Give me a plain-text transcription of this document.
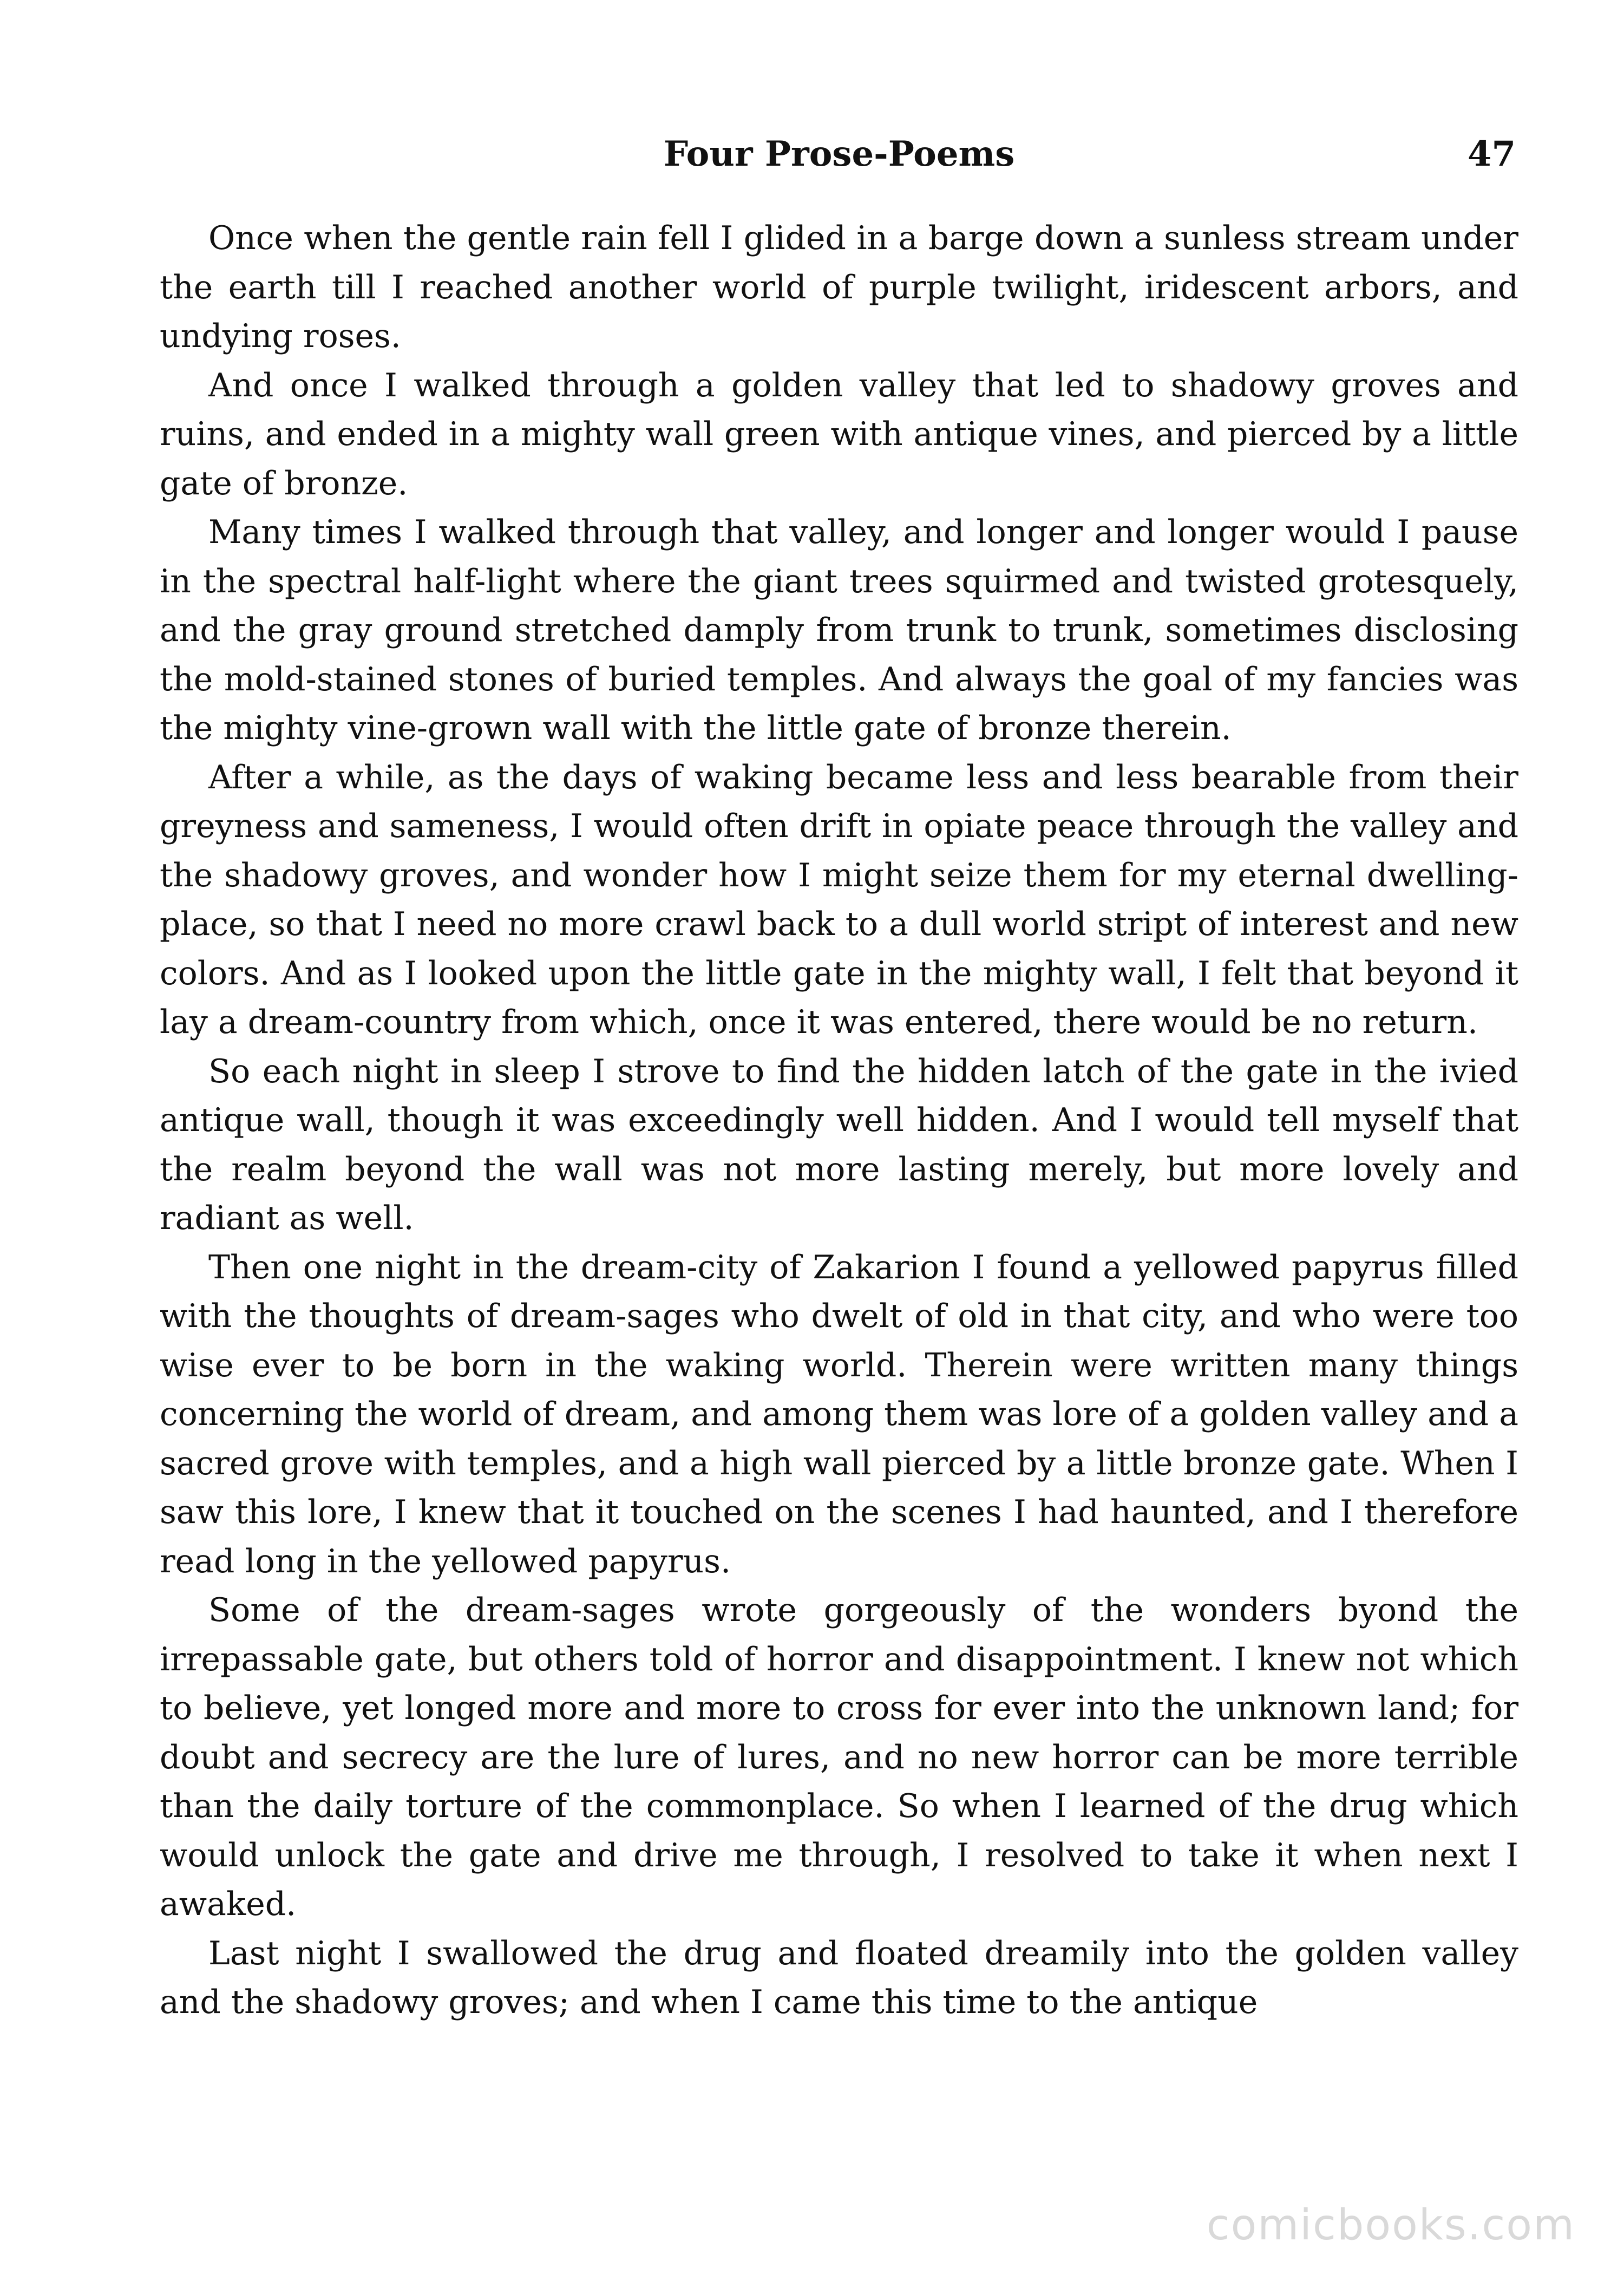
Four Prose-Poems	47

Once when the gentle rain fell I glided in a barge down a sunless stream under the earth till I reached another world of purple twilight, iridescent arbors, and undying roses.

And once I walked through a golden valley that led to shadowy groves and ruins, and ended in a mighty wall green with antique vines, and pierced by a little gate of bronze.

Many times I walked through that valley, and longer and longer would I pause in the spectral half-light where the giant trees squirmed and twisted grotesquely, and the gray ground stretched damply from trunk to trunk, sometimes disclosing the mold-stained stones of buried temples. And always the goal of my fancies was the mighty vine-grown wall with the little gate of bronze therein.

After a while, as the days of waking became less and less bearable from their greyness and sameness, I would often drift in opiate peace through the valley and the shadowy groves, and wonder how I might seize them for my eternal dwelling-place, so that I need no more crawl back to a dull world stript of interest and new colors. And as I looked upon the little gate in the mighty wall, I felt that beyond it lay a dream-country from which, once it was entered, there would be no return.

So each night in sleep I strove to find the hidden latch of the gate in the ivied antique wall, though it was exceedingly well hidden. And I would tell myself that the realm beyond the wall was not more lasting merely, but more lovely and radiant as well.

Then one night in the dream-city of Zakarion I found a yellowed papyrus filled with the thoughts of dream-sages who dwelt of old in that city, and who were too wise ever to be born in the waking world. Therein were written many things concerning the world of dream, and among them was lore of a golden valley and a sacred grove with temples, and a high wall pierced by a little bronze gate. When I saw this lore, I knew that it touched on the scenes I had haunted, and I therefore read long in the yellowed papyrus.

Some of the dream-sages wrote gorgeously of the wonders byond the irrepassable gate, but others told of horror and disappointment. I knew not which to believe, yet longed more and more to cross for ever into the unknown land; for doubt and secrecy are the lure of lures, and no new horror can be more terrible than the daily torture of the commonplace. So when I learned of the drug which would unlock the gate and drive me through, I resolved to take it when next I awaked.

Last night I swallowed the drug and floated dreamily into the golden valley and the shadowy groves; and when I came this time to the antique

comicbooks.com
